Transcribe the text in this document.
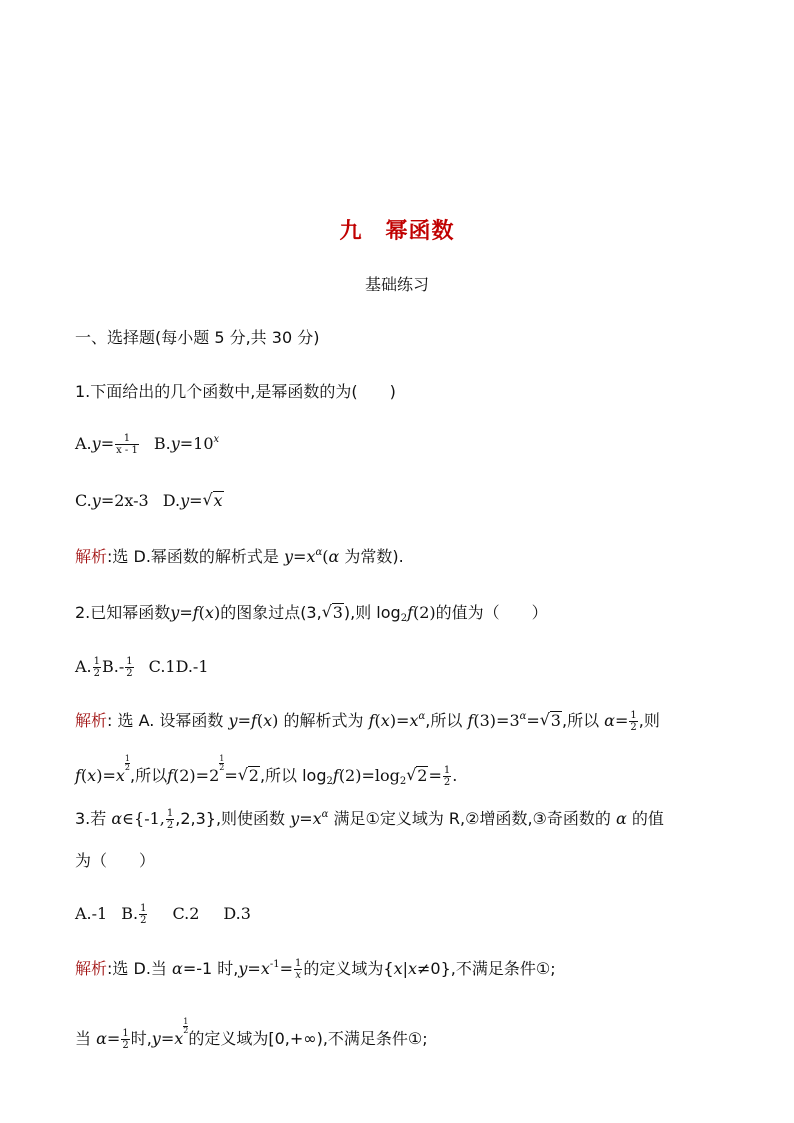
九　幂函数
基础练习
一、选择题(每小题 5 分,共 30 分)
1.下面给出的几个函数中,是幂函数的为(　　)
$A.y= \frac{1}{x - 1} B.y=10^x$
C.y=2x-3 D.y=√ x
解析:选 D.幂函数的解析式是 $y=x^\alpha(\alpha$ 为常数).
2.已知幂函数y=f(x)的图象过点(3,√ 3),则 $\log_2f(2)$的值为（　　）
A. $\frac{1}{2} B.- \frac{1}{2} C.1D.-1$
解析: 选 A. 设幂函数 y=f(x) 的解析式为 $f(x)=x^\alpha$,所以 $f(3)=3^\alpha=√$ 3,所以 $\alpha= \frac{1}{2}$ ,则
f(x)=x
$\frac{1}{2}$
,所以f(2)=2
$\frac{1}{2}$
=√ 2,所以 $\log_2f(2)=\log_2√$ $2= \frac{1}{2}$ .
3.若 α∈{-1, $\frac{1}{2} ,2,3$},则使函数 $y=x^\alpha$ 满足①定义域为 R,②增函数,③奇函数的 α 的值
为（　　）
A.-1 B. $\frac{1}{2} C.2$ D.3
解析:选 D.当 α=-1 时$,y=x^{-1}= \frac{1}{x}$ 的定义域为{x|x≠0},不满足条件①;
当 $\alpha= \frac{1}{2}$ 时,y=x
$\frac{1}{2}$
的定义域为[0,+∞),不满足条件①;
